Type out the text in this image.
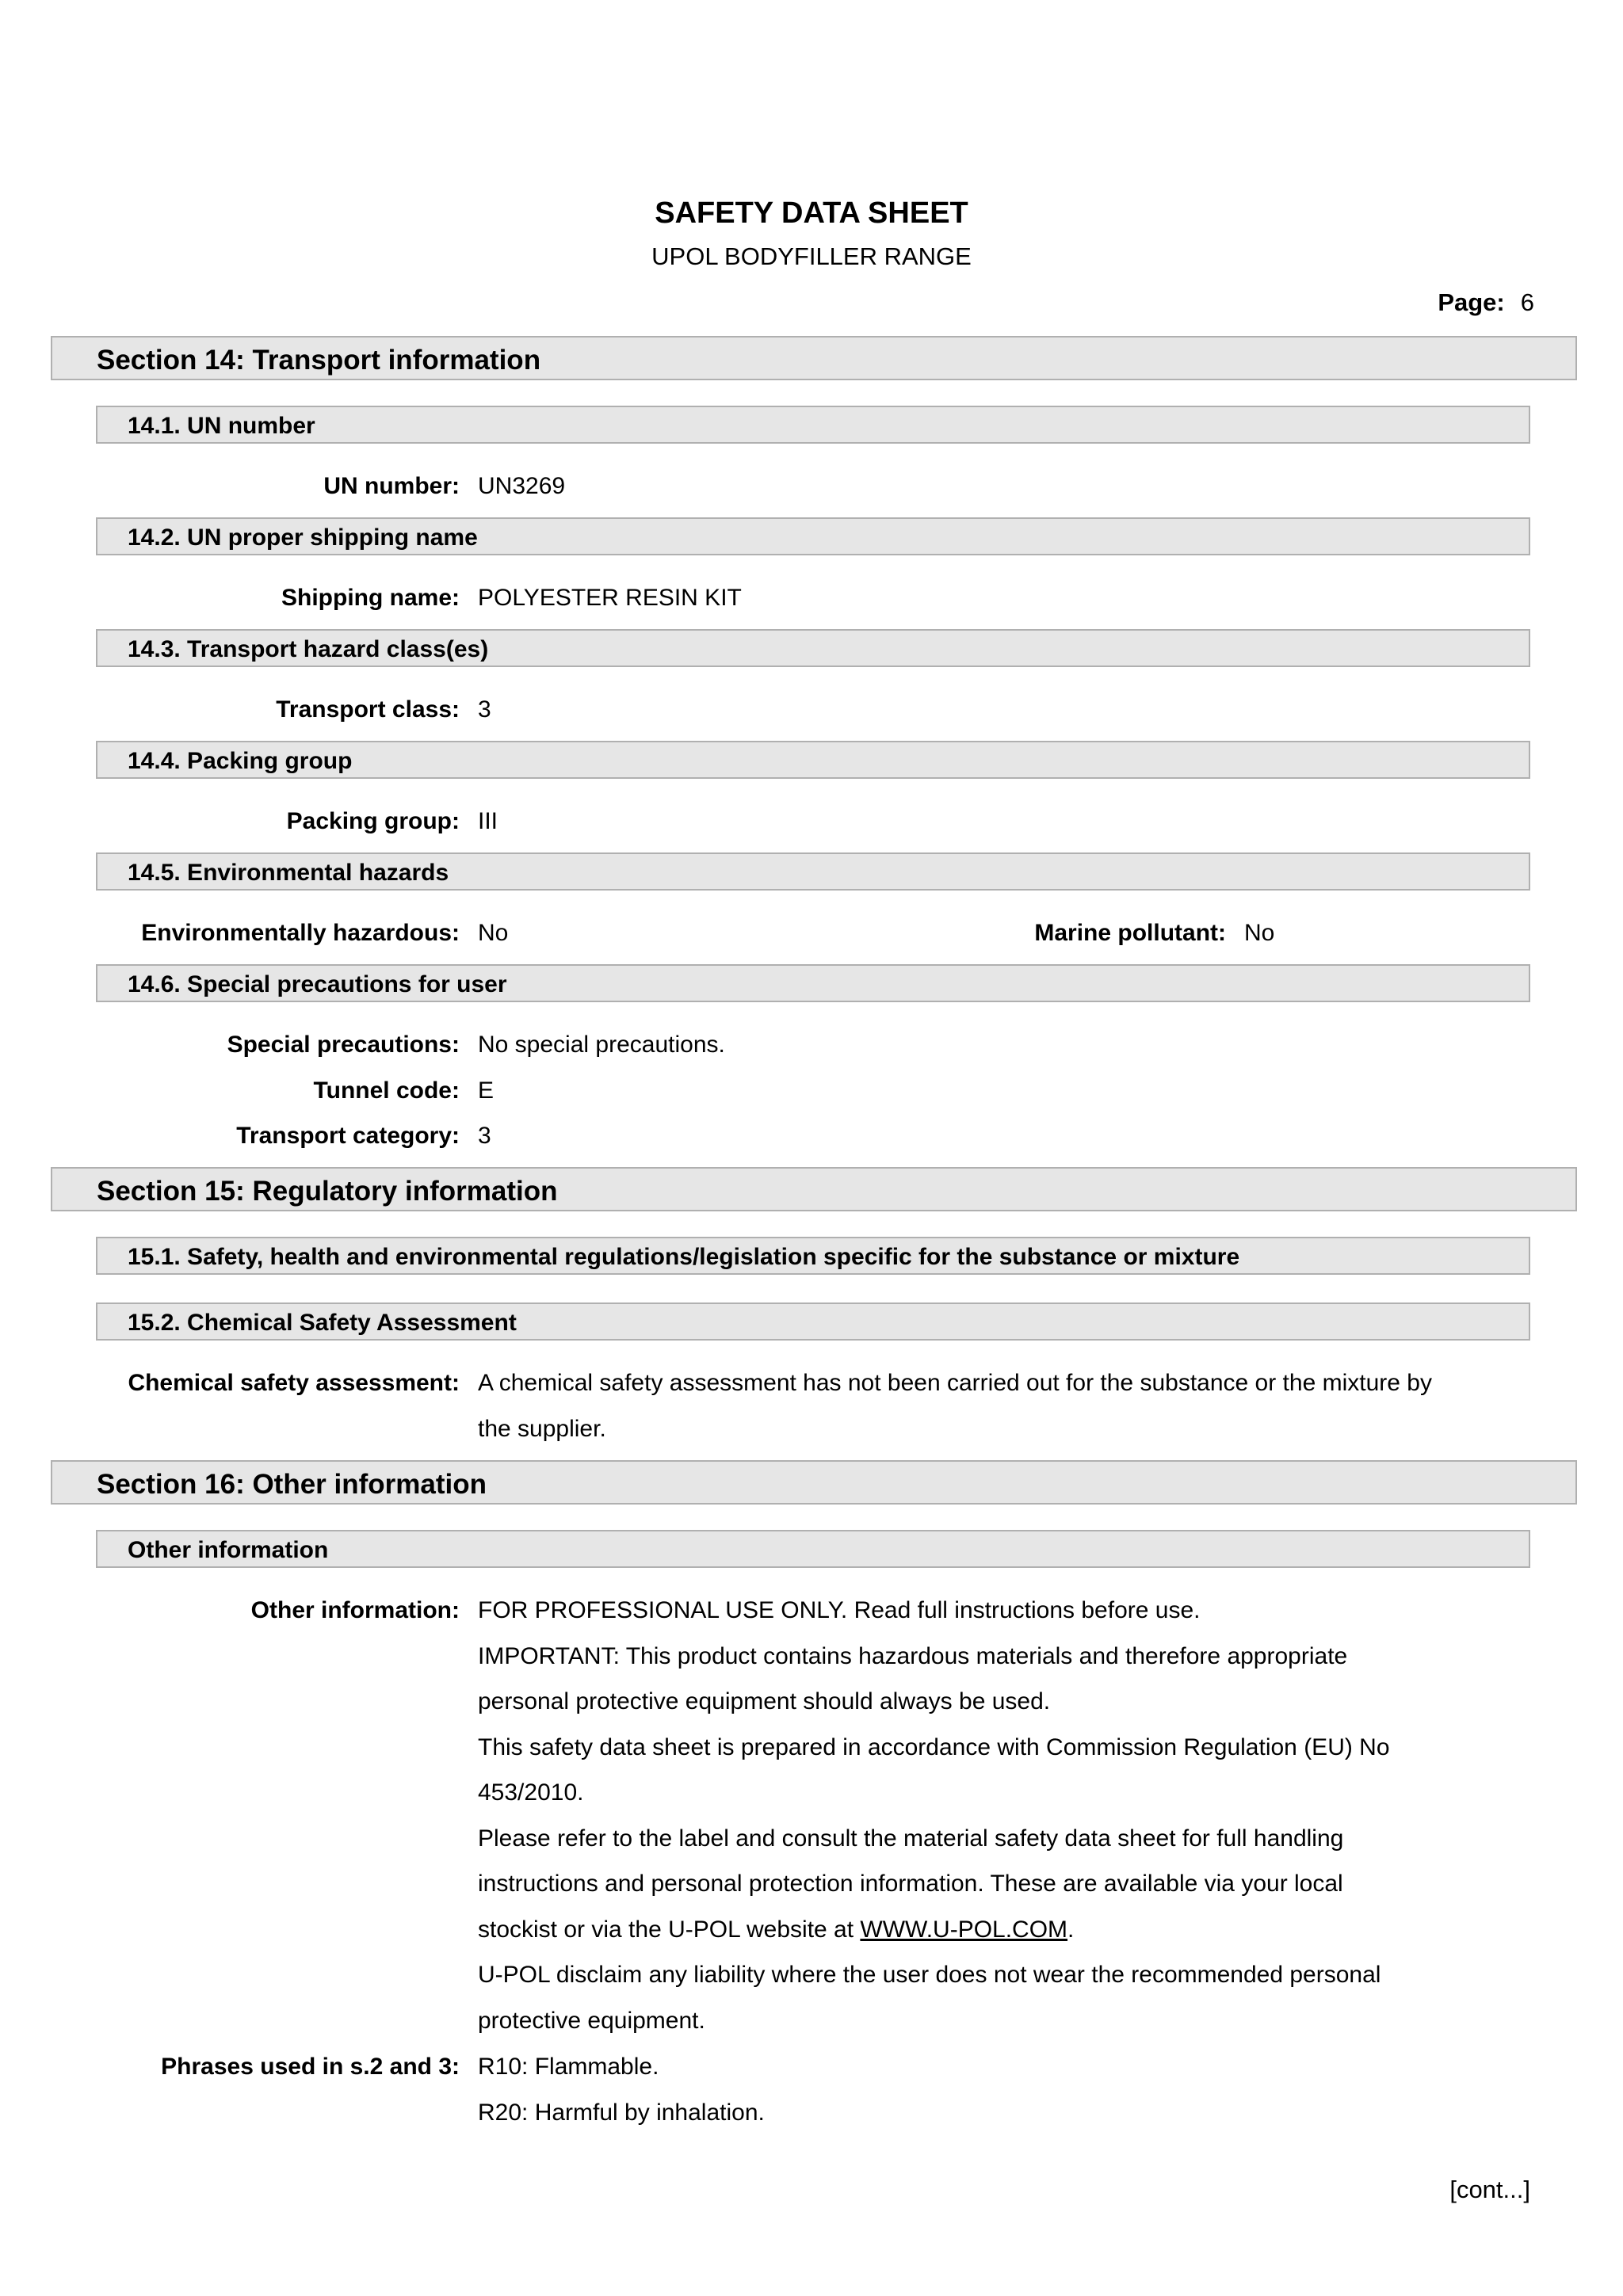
SAFETY DATA SHEET
UPOL BODYFILLER RANGE
Page: 6
Section 14: Transport information
14.1. UN number
UN number: UN3269
14.2. UN proper shipping name
Shipping name: POLYESTER RESIN KIT
14.3. Transport hazard class(es)
Transport class: 3
14.4. Packing group
Packing group: III
14.5. Environmental hazards
Environmentally hazardous: No	Marine pollutant: No
14.6. Special precautions for user
Special precautions: No special precautions.
Tunnel code: E
Transport category: 3
Section 15: Regulatory information
15.1. Safety, health and environmental regulations/legislation specific for the substance or mixture
15.2. Chemical Safety Assessment
Chemical safety assessment: A chemical safety assessment has not been carried out for the substance or the mixture by the supplier.
Section 16: Other information
Other information
Other information: FOR PROFESSIONAL USE ONLY. Read full instructions before use.

IMPORTANT: This product contains hazardous materials and therefore appropriate personal protective equipment should always be used.

This safety data sheet is prepared in accordance with Commission Regulation (EU) No 453/2010.

Please refer to the label and consult the material safety data sheet for full handling instructions and personal protection information. These are available via your local stockist or via the U-POL website at WWW.U-POL.COM.

U-POL disclaim any liability where the user does not wear the recommended personal protective equipment.

Phrases used in s.2 and 3: R10: Flammable.

R20: Harmful by inhalation.

[cont...]
